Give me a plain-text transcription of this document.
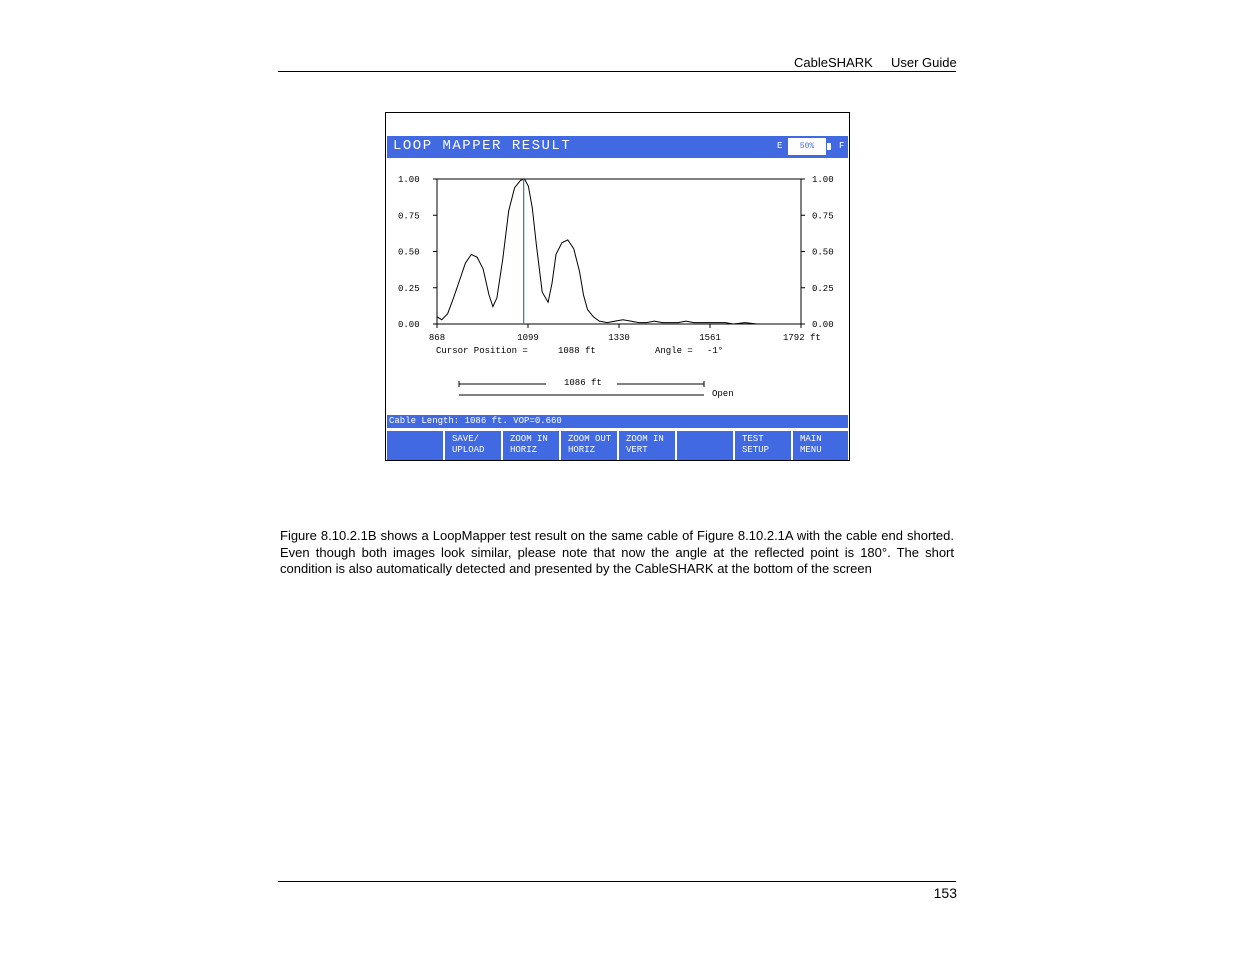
CableSHARK User Guide
LOOP MAPPER RESULT	E	50%	F
0.00
0.25
0.50
0.75
1.00
0.00
0.25
0.50
0.75
1.00
868	1099	1330	1561	1792 ft
Cursor Position =	1088 ft	Angle = -1°
1086 ft
Open
Cable Length: 1086 ft. VOP=0.660
SAVE/
UPLOAD
ZOOM IN
HORIZ
ZOOM OUT
HORIZ
ZOOM IN
VERT
TEST
SETUP
MAIN
MENU
Figure 8.10.2.1B shows a LoopMapper test result on the same cable of Figure 8.10.2.1A with the cable end shorted. Even though both images look similar, please note that now the angle at the reflected point is 180°. The short condition is also automatically detected and presented by the CableSHARK at the bottom of the screen
153
